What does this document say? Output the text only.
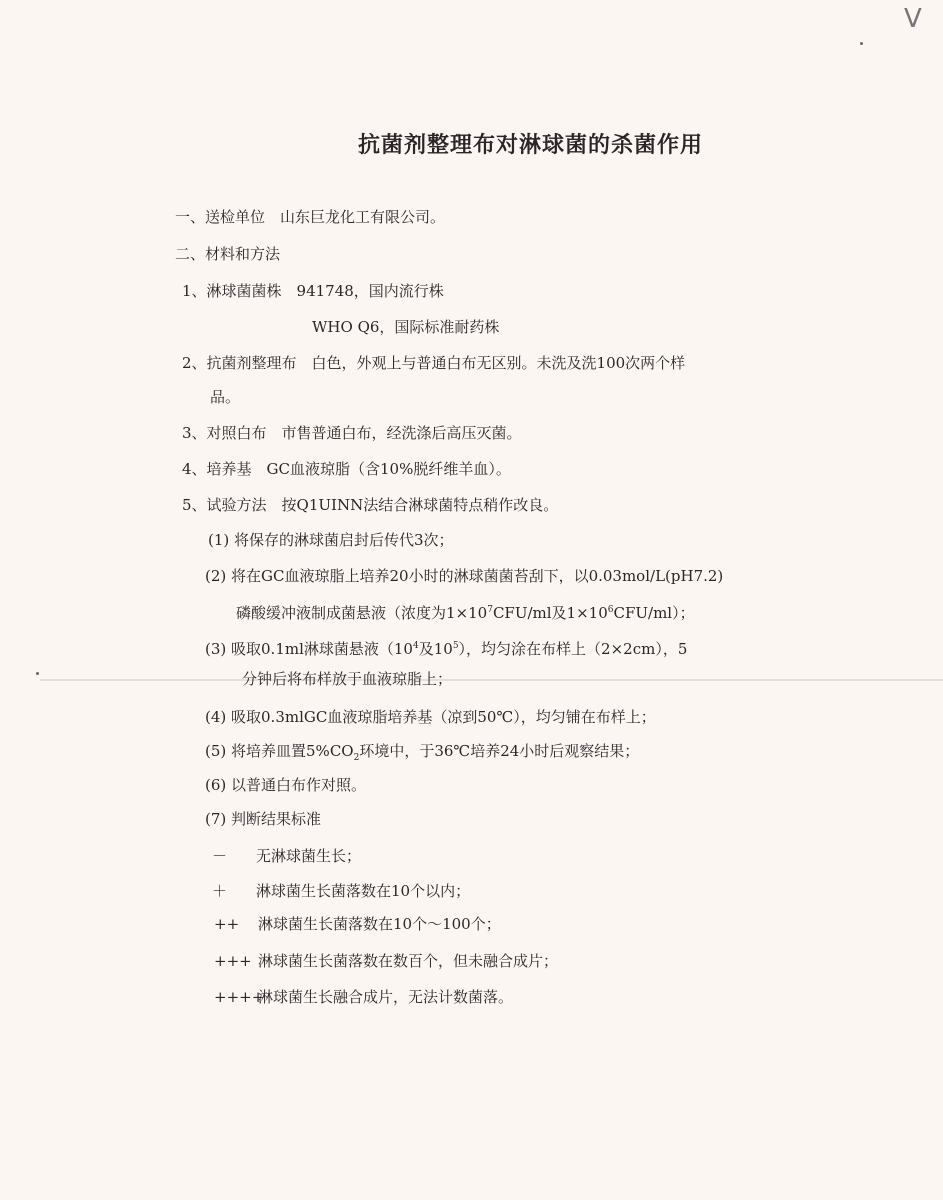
V
抗菌剂整理布对淋球菌的杀菌作用
一、送检单位　山东巨龙化工有限公司。
二、材料和方法
1、淋球菌菌株　941748，国内流行株
WHO Q6，国际标准耐药株
2、抗菌剂整理布　白色，外观上与普通白布无区别。未洗及洗100次两个样
品。
3、对照白布　市售普通白布，经洗涤后高压灭菌。
4、培养基　GC血液琼脂（含10%脱纤维羊血）。
5、试验方法　按Q1UINN法结合淋球菌特点稍作改良。
(1) 将保存的淋球菌启封后传代3次；
(2) 将在GC血液琼脂上培养20小时的淋球菌菌苔刮下，以0.03mol/L(pH7.2)
磷酸缓冲液制成菌悬液（浓度为$1\times 10^7CFU/ml$及$1\times 10^6CFU/ml$）；
(3) 吸取0.1ml淋球菌悬液（$10^4$及$10^5$），均匀涂在布样上（2×2cm），5
分钟后将布样放于血液琼脂上；
(4) 吸取0.3mlGC血液琼脂培养基（凉到50℃），均匀铺在布样上；
(5) 将培养皿置$5\%CO_2$环境中，于36℃培养24小时后观察结果；
(6) 以普通白布作对照。
(7) 判断结果标准
－ 无淋球菌生长；
＋ 淋球菌生长菌落数在10个以内；
++ 淋球菌生长菌落数在10个～100个；
+++ 淋球菌生长菌落数在数百个，但未融合成片；
++++淋球菌生长融合成片，无法计数菌落。
